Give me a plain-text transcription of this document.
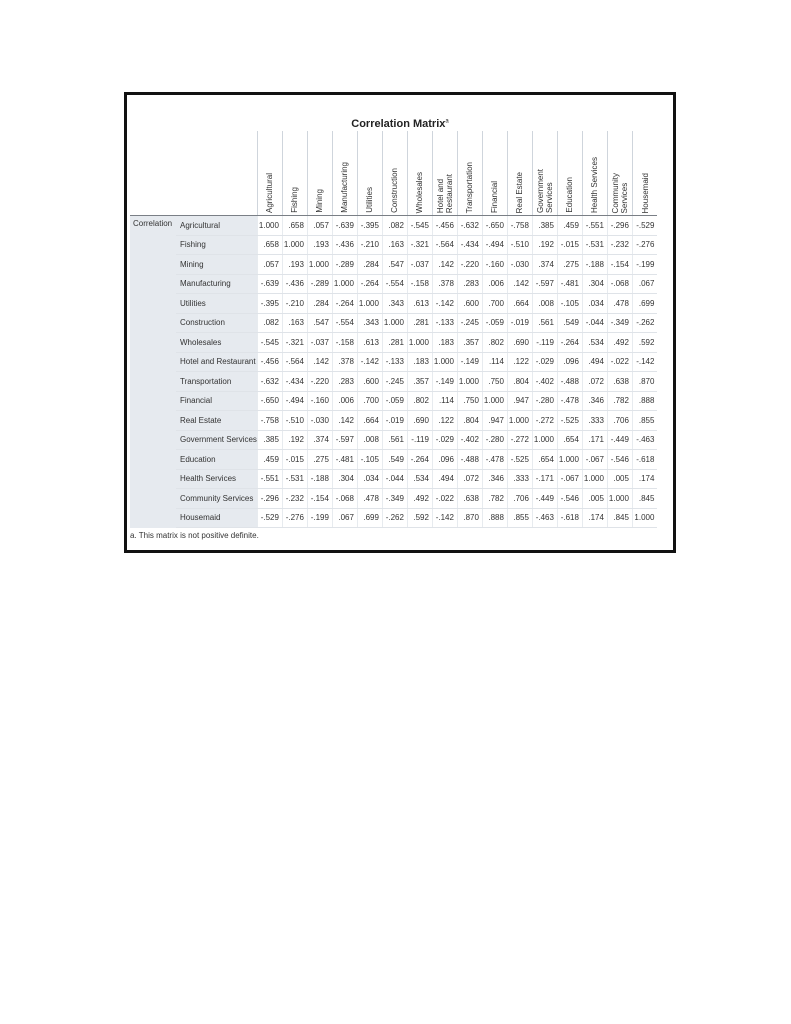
Correlation Matrix$^a$
		Agricultural	Fishing	Mining	Manufacturing	Utilities	Construction	Wholesales	Hotel and
Restaurant	Transportation	Financial	Real Estate	Government
Services	Education	Health Services	Community
Services	Housemaid
Correlation	Agricultural	1.000	.658	.057	-.639	-.395	.082	-.545	-.456	-.632	-.650	-.758	.385	.459	-.551	-.296	-.529
	Fishing	.658	1.000	.193	-.436	-.210	.163	-.321	-.564	-.434	-.494	-.510	.192	-.015	-.531	-.232	-.276
	Mining	.057	.193	1.000	-.289	.284	.547	-.037	.142	-.220	-.160	-.030	.374	.275	-.188	-.154	-.199
	Manufacturing	-.639	-.436	-.289	1.000	-.264	-.554	-.158	.378	.283	.006	.142	-.597	-.481	.304	-.068	.067
	Utilities	-.395	-.210	.284	-.264	1.000	.343	.613	-.142	.600	.700	.664	.008	-.105	.034	.478	.699
	Construction	.082	.163	.547	-.554	.343	1.000	.281	-.133	-.245	-.059	-.019	.561	.549	-.044	-.349	-.262
	Wholesales	-.545	-.321	-.037	-.158	.613	.281	1.000	.183	.357	.802	.690	-.119	-.264	.534	.492	.592
	Hotel and Restaurant	-.456	-.564	.142	.378	-.142	-.133	.183	1.000	-.149	.114	.122	-.029	.096	.494	-.022	-.142
	Transportation	-.632	-.434	-.220	.283	.600	-.245	.357	-.149	1.000	.750	.804	-.402	-.488	.072	.638	.870
	Financial	-.650	-.494	-.160	.006	.700	-.059	.802	.114	.750	1.000	.947	-.280	-.478	.346	.782	.888
	Real Estate	-.758	-.510	-.030	.142	.664	-.019	.690	.122	.804	.947	1.000	-.272	-.525	.333	.706	.855
	Government Services	.385	.192	.374	-.597	.008	.561	-.119	-.029	-.402	-.280	-.272	1.000	.654	.171	-.449	-.463
	Education	.459	-.015	.275	-.481	-.105	.549	-.264	.096	-.488	-.478	-.525	.654	1.000	-.067	-.546	-.618
	Health Services	-.551	-.531	-.188	.304	.034	-.044	.534	.494	.072	.346	.333	-.171	-.067	1.000	.005	.174
	Community Services	-.296	-.232	-.154	-.068	.478	-.349	.492	-.022	.638	.782	.706	-.449	-.546	.005	1.000	.845
	Housemaid	-.529	-.276	-.199	.067	.699	-.262	.592	-.142	.870	.888	.855	-.463	-.618	.174	.845	1.000
a. This matrix is not positive definite.
